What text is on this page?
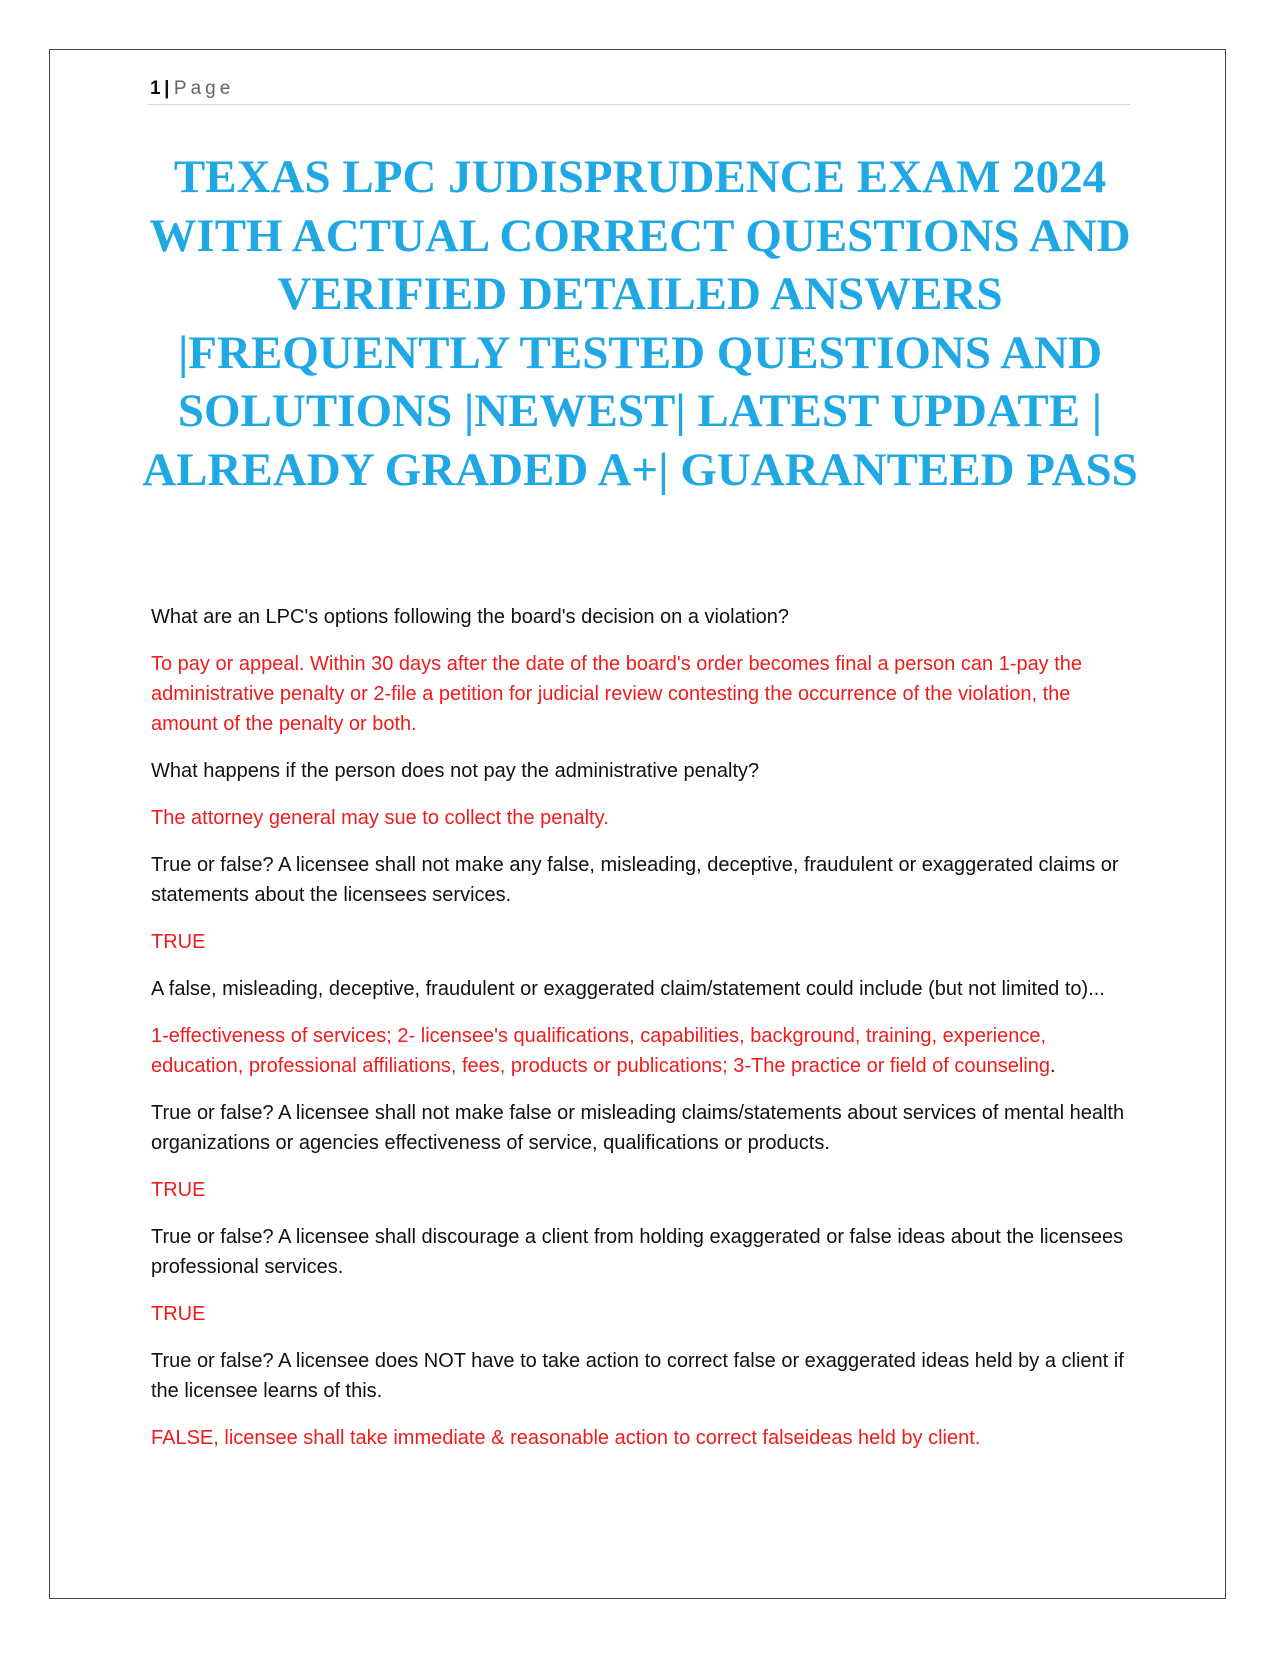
1 | Page
TEXAS LPC JUDISPRUDENCE EXAM 2024 WITH ACTUAL CORRECT QUESTIONS AND VERIFIED DETAILED ANSWERS |FREQUENTLY TESTED QUESTIONS AND SOLUTIONS |NEWEST| LATEST UPDATE | ALREADY GRADED A+| GUARANTEED PASS

What are an LPC's options following the board's decision on a violation?

To pay or appeal. Within 30 days after the date of the board's order becomes final a person can 1-pay the administrative penalty or 2-file a petition for judicial review contesting the occurrence of the violation, the amount of the penalty or both.

What happens if the person does not pay the administrative penalty?

The attorney general may sue to collect the penalty.

True or false? A licensee shall not make any false, misleading, deceptive, fraudulent or exaggerated claims or statements about the licensees services.

TRUE

A false, misleading, deceptive, fraudulent or exaggerated claim/statement could include (but not limited to)...

1-effectiveness of services; 2- licensee's qualifications, capabilities, background, training, experience, education, professional affiliations, fees, products or publications; 3-The practice or field of counseling.

True or false? A licensee shall not make false or misleading claims/statements about services of mental health organizations or agencies effectiveness of service, qualifications or products.

TRUE

True or false? A licensee shall discourage a client from holding exaggerated or false ideas about the licensees professional services.

TRUE

True or false? A licensee does NOT have to take action to correct false or exaggerated ideas held by a client if the licensee learns of this.

FALSE, licensee shall take immediate & reasonable action to correct falseideas held by client.
